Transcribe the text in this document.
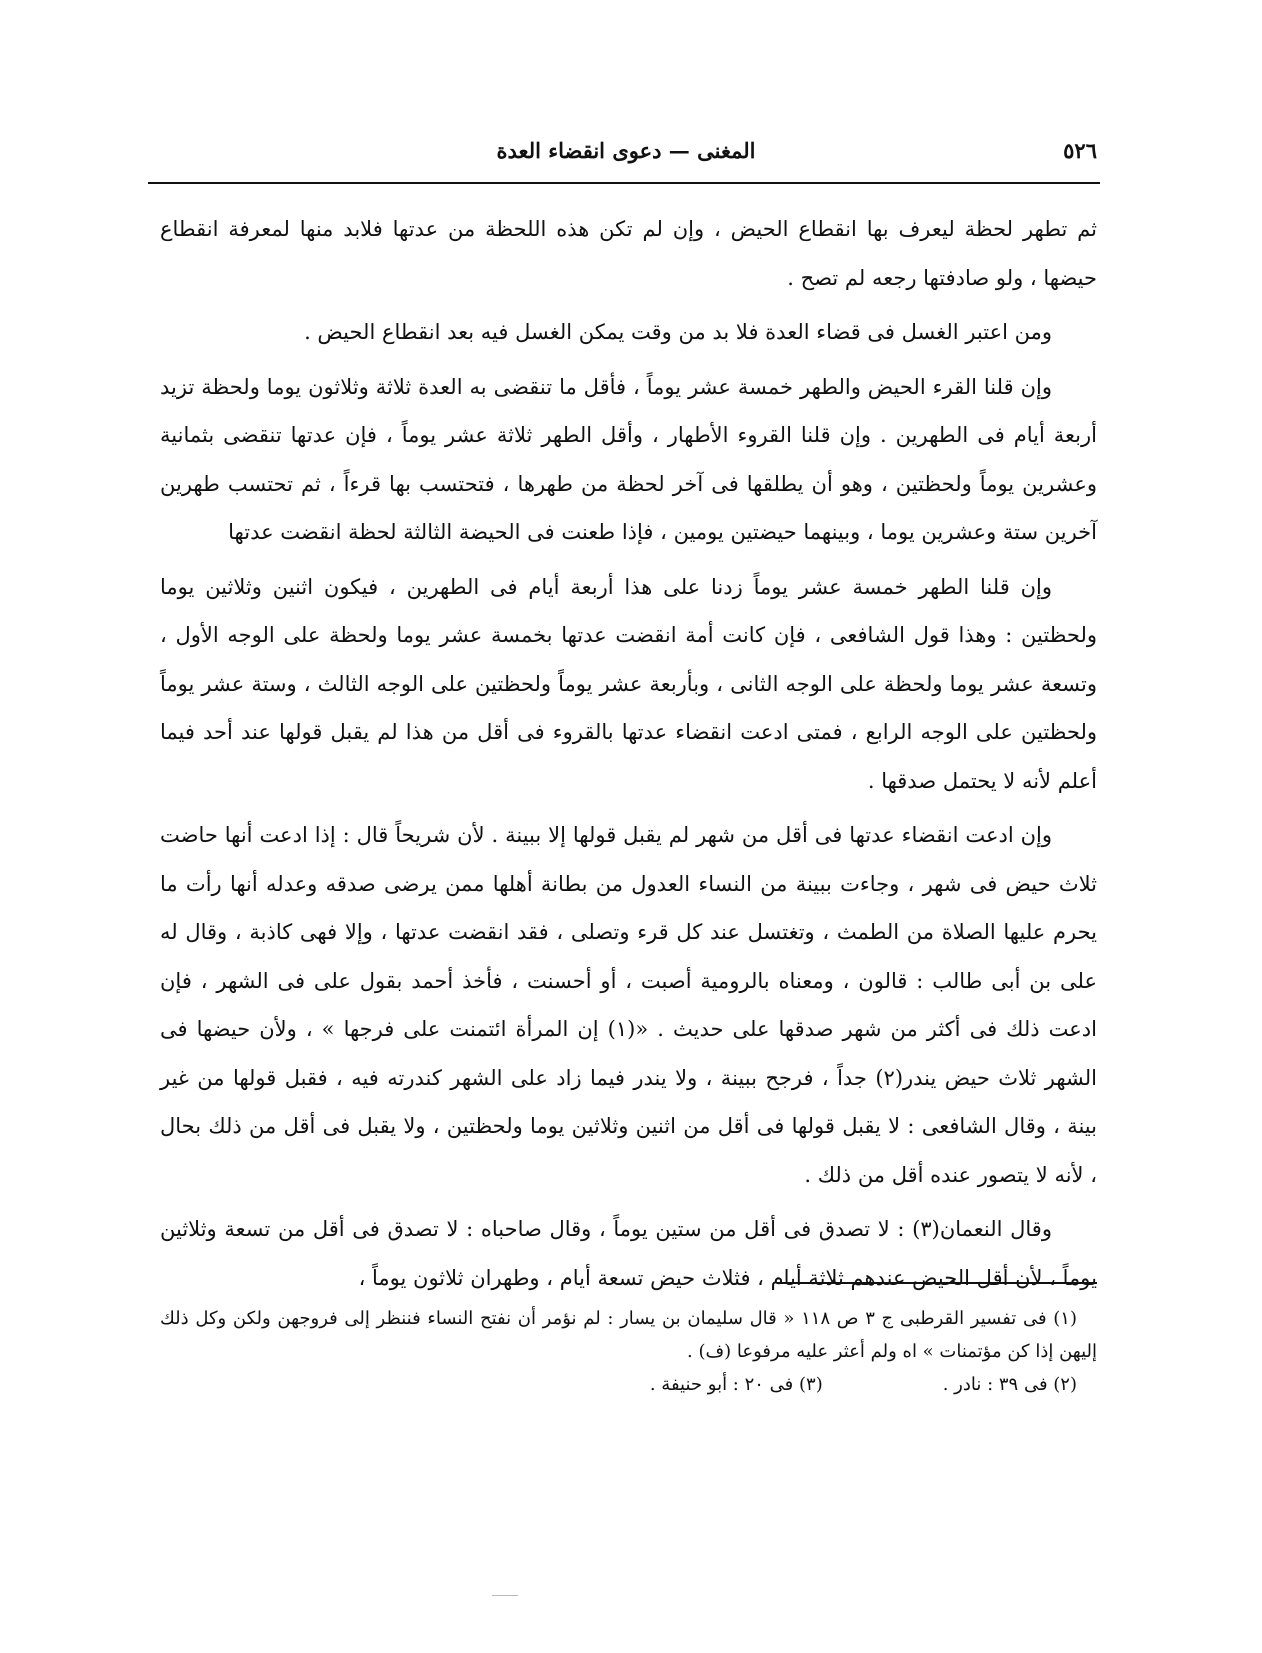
٥٢٦
المغنى — دعوى انقضاء العدة

ثم تطهر لحظة ليعرف بها انقطاع الحيض ، وإن لم تكن هذه اللحظة من عدتها فلابد منها لمعرفة انقطاع حيضها ، ولو صادفتها رجعه لم تصح .

ومن اعتبر الغسل فى قضاء العدة فلا بد من وقت يمكن الغسل فيه بعد انقطاع الحيض .

وإن قلنا القرء الحيض والطهر خمسة عشر يوماً ، فأقل ما تنقضى به العدة ثلاثة وثلاثون يوما ولحظة تزيد أربعة أيام فى الطهرين . وإن قلنا القروء الأطهار ، وأقل الطهر ثلاثة عشر يوماً ، فإن عدتها تنقضى بثمانية وعشرين يوماً ولحظتين ، وهو أن يطلقها فى آخر لحظة من طهرها ، فتحتسب بها قرءاً ، ثم تحتسب طهرين آخرين ستة وعشرين يوما ، وبينهما حيضتين يومين ، فإذا طعنت فى الحيضة الثالثة لحظة انقضت عدتها

وإن قلنا الطهر خمسة عشر يوماً زدنا على هذا أربعة أيام فى الطهرين ، فيكون اثنين وثلاثين يوما ولحظتين : وهذا قول الشافعى ، فإن كانت أمة انقضت عدتها بخمسة عشر يوما ولحظة على الوجه الأول ، وتسعة عشر يوما ولحظة على الوجه الثانى ، وبأربعة عشر يوماً ولحظتين على الوجه الثالث ، وستة عشر يوماً ولحظتين على الوجه الرابع ، فمتى ادعت انقضاء عدتها بالقروء فى أقل من هذا لم يقبل قولها عند أحد فيما أعلم لأنه لا يحتمل صدقها .

وإن ادعت انقضاء عدتها فى أقل من شهر لم يقبل قولها إلا ببينة . لأن شريحاً قال : إذا ادعت أنها حاضت ثلاث حيض فى شهر ، وجاءت ببينة من النساء العدول من بطانة أهلها ممن يرضى صدقه وعدله أنها رأت ما يحرم عليها الصلاة من الطمث ، وتغتسل عند كل قرء وتصلى ، فقد انقضت عدتها ، وإلا فهى كاذبة ، وقال له على بن أبى طالب : قالون ، ومعناه بالرومية أصبت ، أو أحسنت ، فأخذ أحمد بقول على فى الشهر ، فإن ادعت ذلك فى أكثر من شهر صدقها على حديث . «(١) إن المرأة ائتمنت على فرجها » ، ولأن حيضها فى الشهر ثلاث حيض يندر(٢) جداً ، فرجح ببينة ، ولا يندر فيما زاد على الشهر كندرته فيه ، فقبل قولها من غير بينة ، وقال الشافعى : لا يقبل قولها فى أقل من اثنين وثلاثين يوما ولحظتين ، ولا يقبل فى أقل من ذلك بحال ، لأنه لا يتصور عنده أقل من ذلك .

وقال النعمان(٣) : لا تصدق فى أقل من ستين يوماً ، وقال صاحباه : لا تصدق فى أقل من تسعة وثلاثين يوماً ، لأن أقل الحيض عندهم ثلاثة أيام ، فثلاث حيض تسعة أيام ، وطهران ثلاثون يوماً ،

(١) فى تفسير القرطبى ج ٣ ص ١١٨ « قال سليمان بن يسار : لم نؤمر أن نفتح النساء فننظر إلى فروجهن ولكن وكل ذلك إليهن إذا كن مؤتمنات » اه ولم أعثر عليه مرفوعا (ف) .

(٢) فى ٣٩ : نادر .
(٣) فى ٢٠ : أبو حنيفة .
